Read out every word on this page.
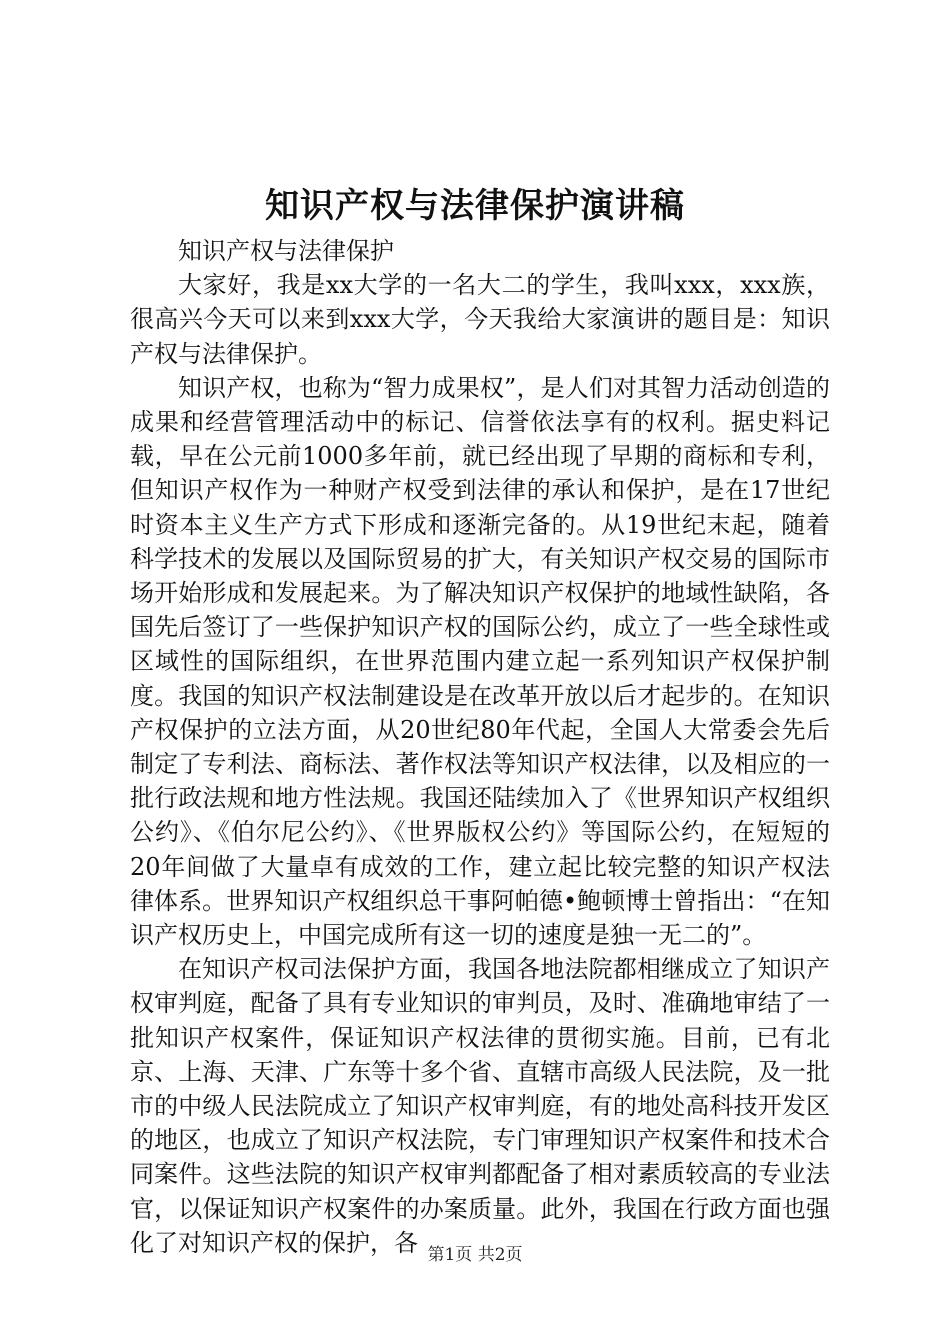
知识产权与法律保护演讲稿

知识产权与法律保护

大家好，我是xx大学的一名大二的学生，我叫xxx，xxx族，很高兴今天可以来到xxx大学，今天我给大家演讲的题目是：知识产权与法律保护。

知识产权，也称为“智力成果权”，是人们对其智力活动创造的成果和经营管理活动中的标记、信誉依法享有的权利。据史料记载，早在公元前1000多年前，就已经出现了早期的商标和专利，但知识产权作为一种财产权受到法律的承认和保护，是在17世纪时资本主义生产方式下形成和逐渐完备的。从19世纪末起，随着科学技术的发展以及国际贸易的扩大，有关知识产权交易的国际市场开始形成和发展起来。为了解决知识产权保护的地域性缺陷，各国先后签订了一些保护知识产权的国际公约，成立了一些全球性或区域性的国际组织，在世界范围内建立起一系列知识产权保护制度。我国的知识产权法制建设是在改革开放以后才起步的。在知识产权保护的立法方面，从20世纪80年代起，全国人大常委会先后制定了专利法、商标法、著作权法等知识产权法律，以及相应的一批行政法规和地方性法规。我国还陆续加入了《世界知识产权组织公约》、《伯尔尼公约》、《世界版权公约》等国际公约，在短短的20年间做了大量卓有成效的工作，建立起比较完整的知识产权法律体系。世界知识产权组织总干事阿帕德•鲍顿博士曾指出：“在知识产权历史上，中国完成所有这一切的速度是独一无二的”。

在知识产权司法保护方面，我国各地法院都相继成立了知识产权审判庭，配备了具有专业知识的审判员，及时、准确地审结了一批知识产权案件，保证知识产权法律的贯彻实施。目前，已有北京、上海、天津、广东等十多个省、直辖市高级人民法院，及一批市的中级人民法院成立了知识产权审判庭，有的地处高科技开发区的地区，也成立了知识产权法院，专门审理知识产权案件和技术合同案件。这些法院的知识产权审判都配备了相对素质较高的专业法官，以保证知识产权案件的办案质量。此外，我国在行政方面也强化了对知识产权的保护，各 第1页 共2页
